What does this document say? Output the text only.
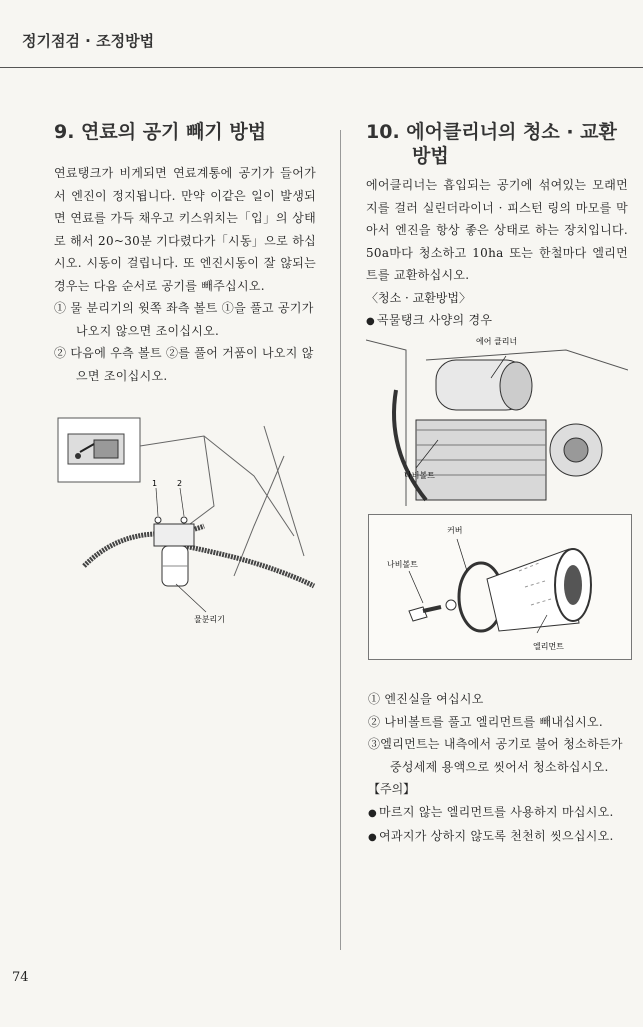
정기점검 · 조정방법
9. 연료의 공기 빼기 방법

연료탱크가 비게되면 연료계통에 공기가 들어가서 엔진이 정지됩니다. 만약 이같은 일이 발생되면 연료를 가득 채우고 키스위치는「입」의 상태로 해서 20~30분 기다렸다가「시동」으로 하십시오. 시동이 걸립니다. 또 엔진시동이 잘 않되는 경우는 다음 순서로 공기를 빼주십시오.

① 물 분리기의 윗쪽 좌측 볼트 ①을 풀고 공기가 나오지 않으면 조이십시오.
② 다음에 우측 볼트 ②를 풀어 거품이 나오지 않으면 조이십시오.
1 2
물분리기
10. 에어클리너의 청소 · 교환
방법

에어클리너는 흡입되는 공기에 섞여있는 모래먼지를 걸러 실린더라이너 · 피스턴 링의 마모를 막아서 엔진을 항상 좋은 상태로 하는 장치입니다. 50a마다 청소하고 10ha 또는 한철마다 엘리먼트를 교환하십시오.

〈청소 · 교환방법〉
● 곡물탱크 사양의 경우
에어 클리너
나비볼트
커버
나비볼트
엘리먼트
① 엔진실을 여십시오
② 나비볼트를 풀고 엘리먼트를 빼내십시오.
③엘리먼트는 내측에서 공기로 불어 청소하든가 중성세제 용액으로 씻어서 청소하십시오.
【주의】
● 마르지 않는 엘리먼트를 사용하지 마십시오.
● 여과지가 상하지 않도록 천천히 씻으십시오.
74
